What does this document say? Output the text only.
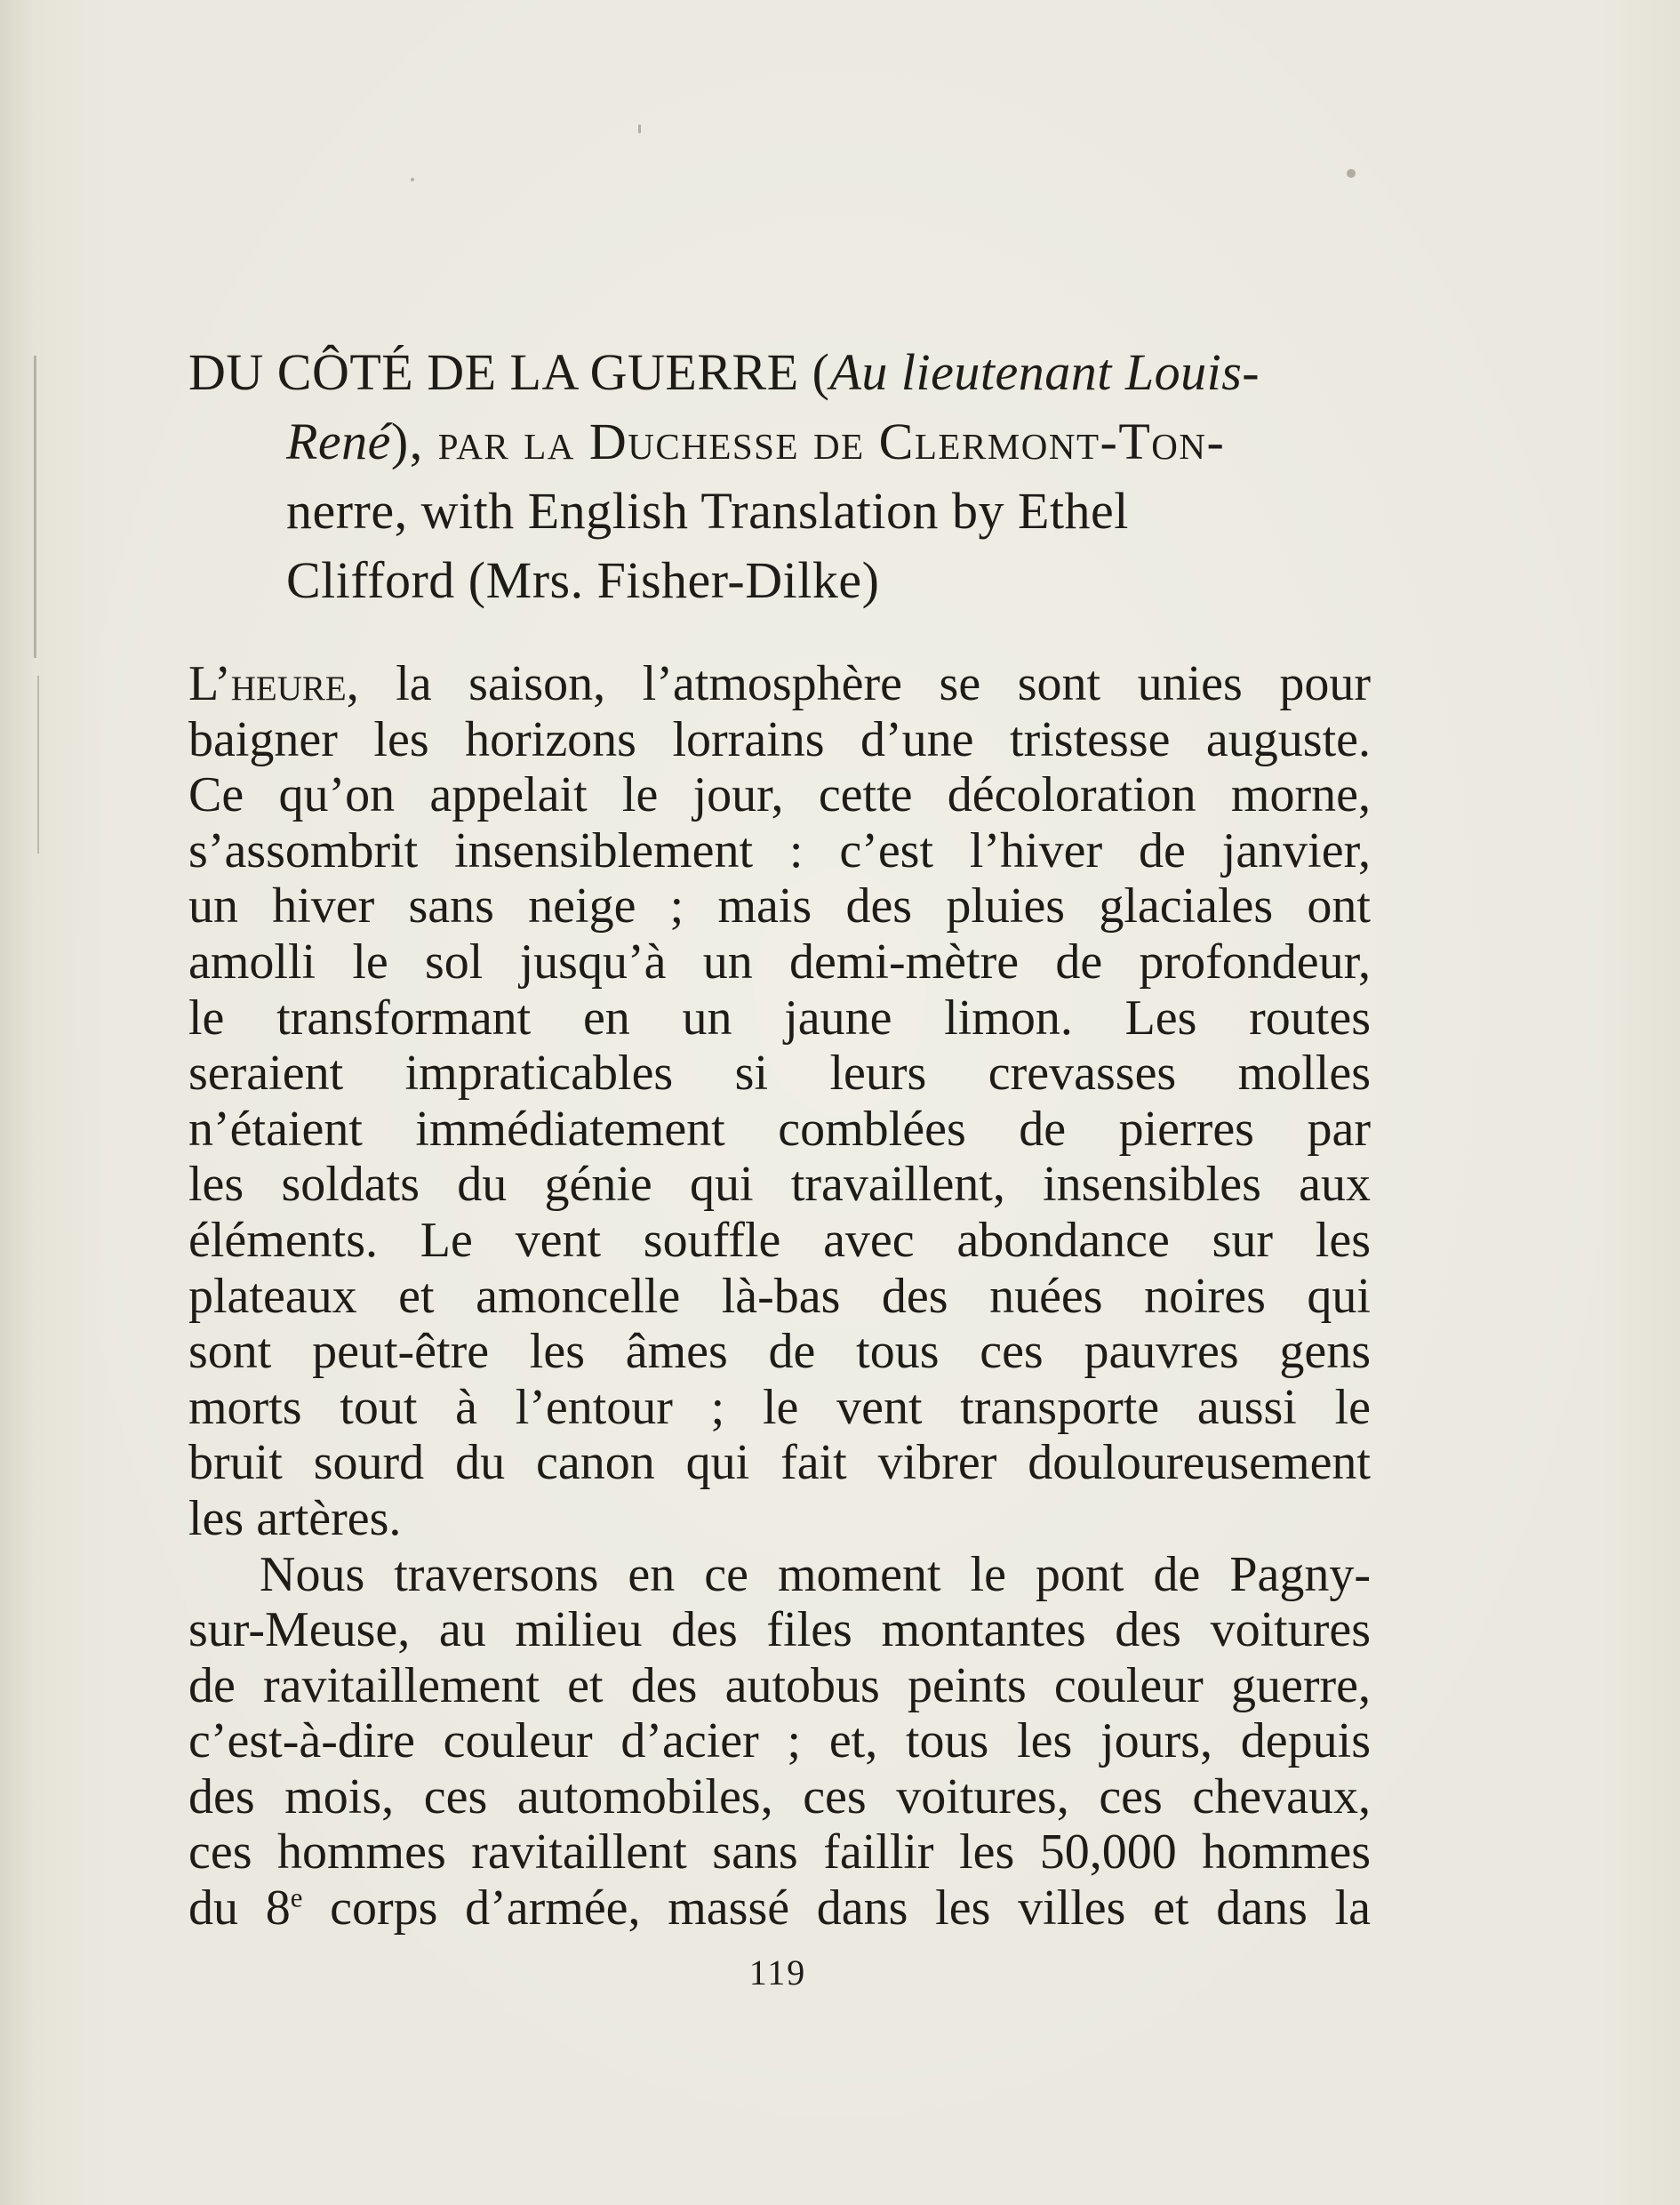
DU CÔTÉ DE LA GUERRE (Au lieutenant Louis-
René), par la Duchesse de Clermont-Ton-
nerre, with English Translation by Ethel
Clifford (Mrs. Fisher-Dilke)
L’heure, la saison, l’atmosphère se sont unies pour
baigner les horizons lorrains d’une tristesse auguste.
Ce qu’on appelait le jour, cette décoloration morne,
s’assombrit insensiblement : c’est l’hiver de janvier,
un hiver sans neige ; mais des pluies glaciales ont
amolli le sol jusqu’à un demi-mètre de profondeur,
le transformant en un jaune limon. Les routes
seraient impraticables si leurs crevasses molles
n’étaient immédiatement comblées de pierres par
les soldats du génie qui travaillent, insensibles aux
éléments. Le vent souffle avec abondance sur les
plateaux et amoncelle là-bas des nuées noires qui
sont peut-être les âmes de tous ces pauvres gens
morts tout à l’entour ; le vent transporte aussi le
bruit sourd du canon qui fait vibrer douloureusement
les artères.
Nous traversons en ce moment le pont de Pagny-
sur-Meuse, au milieu des files montantes des voitures
de ravitaillement et des autobus peints couleur guerre,
c’est-à-dire couleur d’acier ; et, tous les jours, depuis
des mois, ces automobiles, ces voitures, ces chevaux,
ces hommes ravitaillent sans faillir les 50,000 hommes
du 8e corps d’armée, massé dans les villes et dans la
119
